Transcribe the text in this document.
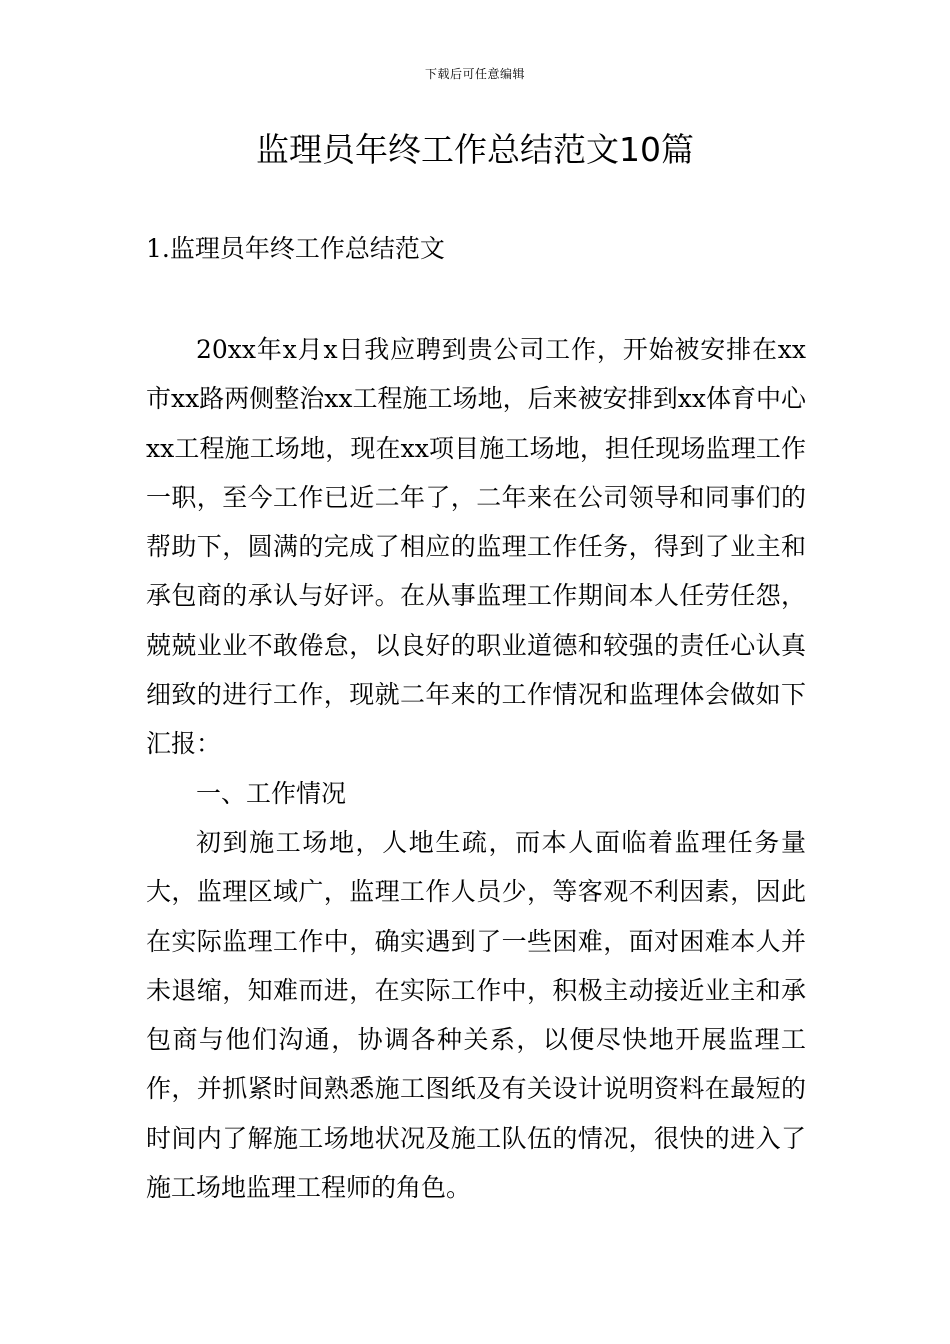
下载后可任意编辑
监理员年终工作总结范文10篇
1.监理员年终工作总结范文

20xx年x月x日我应聘到贵公司工作，开始被安排在xx市xx路两侧整治xx工程施工场地，后来被安排到xx体育中心xx工程施工场地，现在xx项目施工场地，担任现场监理工作一职，至今工作已近二年了，二年来在公司领导和同事们的帮助下，圆满的完成了相应的监理工作任务，得到了业主和承包商的承认与好评。在从事监理工作期间本人任劳任怨，兢兢业业不敢倦怠，以良好的职业道德和较强的责任心认真细致的进行工作，现就二年来的工作情况和监理体会做如下汇报：

一、工作情况

初到施工场地，人地生疏，而本人面临着监理任务量大，监理区域广，监理工作人员少，等客观不利因素，因此在实际监理工作中，确实遇到了一些困难，面对困难本人并未退缩，知难而进，在实际工作中，积极主动接近业主和承包商与他们沟通，协调各种关系，以便尽快地开展监理工作，并抓紧时间熟悉施工图纸及有关设计说明资料在最短的时间内了解施工场地状况及施工队伍的情况，很快的进入了施工场地监理工程师的角色。
